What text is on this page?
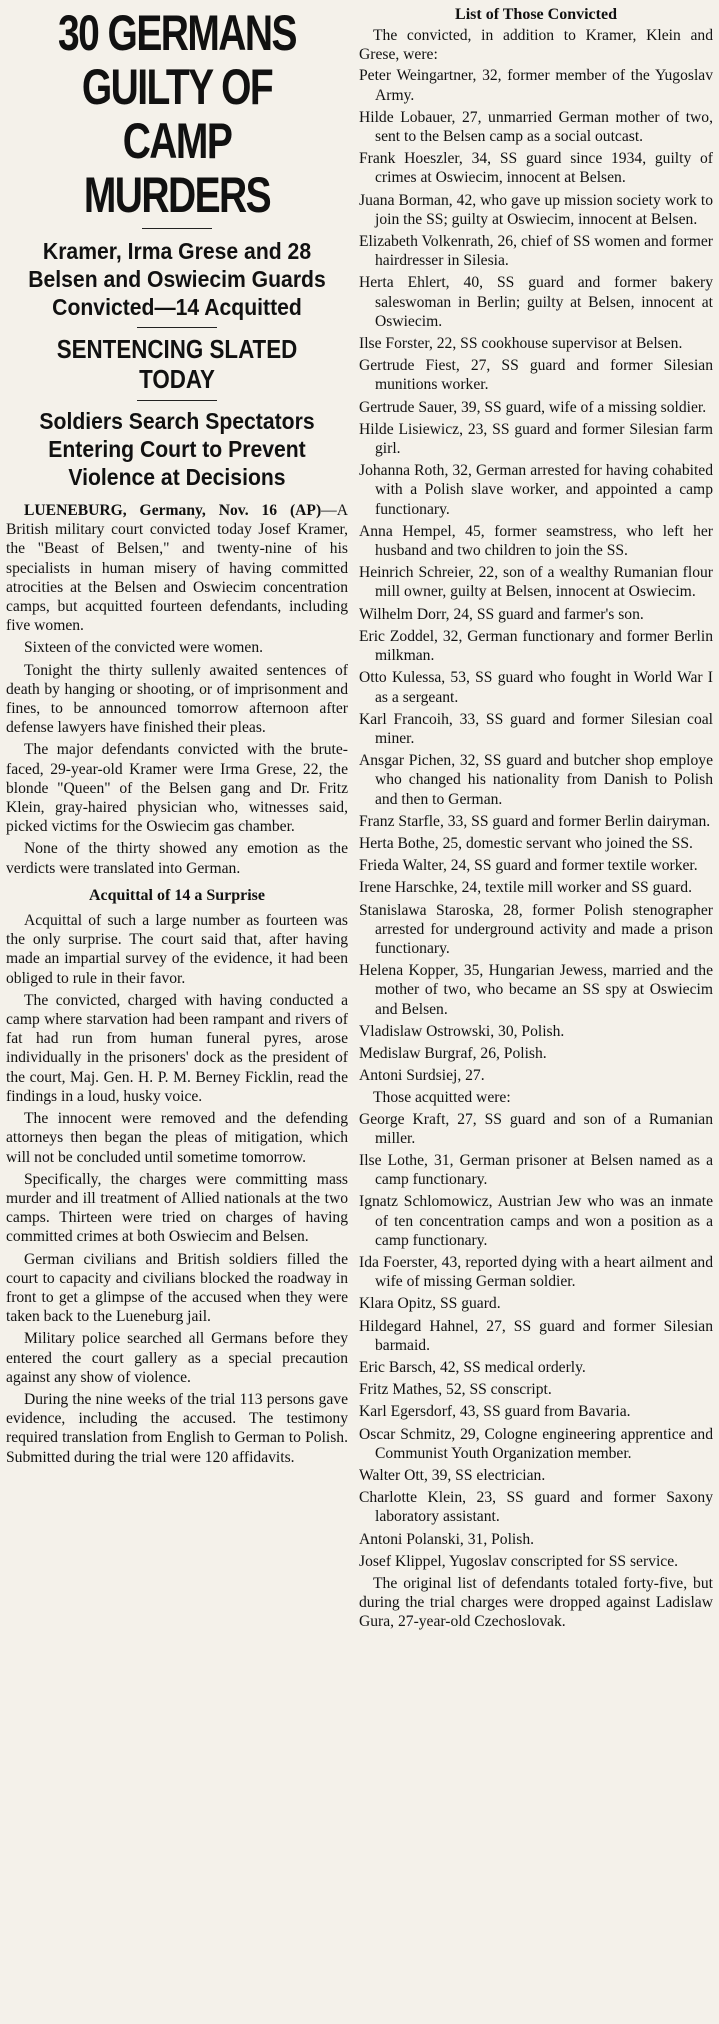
30 GERMANS GUILTY OF CAMP MURDERS
Kramer, Irma Grese and 28 Belsen and Oswiecim Guards Convicted—14 Acquitted
SENTENCING SLATED TODAY
Soldiers Search Spectators Entering Court to Prevent Violence at Decisions

LUENEBURG, Germany, Nov. 16 (AP)—A British military court convicted today Josef Kramer, the "Beast of Belsen," and twenty-nine of his specialists in human misery of having committed atrocities at the Belsen and Oswiecim concentration camps, but acquitted fourteen defendants, including five women.

Sixteen of the convicted were women.

Tonight the thirty sullenly awaited sentences of death by hanging or shooting, or of imprisonment and fines, to be announced tomorrow afternoon after defense lawyers have finished their pleas.

The major defendants convicted with the brute-faced, 29-year-old Kramer were Irma Grese, 22, the blonde "Queen" of the Belsen gang and Dr. Fritz Klein, gray-haired physician who, witnesses said, picked victims for the Oswiecim gas chamber.

None of the thirty showed any emotion as the verdicts were translated into German.

Acquittal of 14 a Surprise

Acquittal of such a large number as fourteen was the only surprise. The court said that, after having made an impartial survey of the evidence, it had been obliged to rule in their favor.

The convicted, charged with having conducted a camp where starvation had been rampant and rivers of fat had run from human funeral pyres, arose individually in the prisoners' dock as the president of the court, Maj. Gen. H. P. M. Berney Ficklin, read the findings in a loud, husky voice.

The innocent were removed and the defending attorneys then began the pleas of mitigation, which will not be concluded until sometime tomorrow.

Specifically, the charges were committing mass murder and ill treatment of Allied nationals at the two camps. Thirteen were tried on charges of having committed crimes at both Oswiecim and Belsen.

German civilians and British soldiers filled the court to capacity and civilians blocked the roadway in front to get a glimpse of the accused when they were taken back to the Lueneburg jail.

Military police searched all Germans before they entered the court gallery as a special precaution against any show of violence.

During the nine weeks of the trial 113 persons gave evidence, including the accused. The testimony required translation from English to German to Polish. Submitted during the trial were 120 affidavits.

List of Those Convicted
The convicted, in addition to Kramer, Klein and Grese, were:
Peter Weingartner, 32, former member of the Yugoslav Army.
Hilde Lobauer, 27, unmarried German mother of two, sent to the Belsen camp as a social outcast.
Frank Hoeszler, 34, SS guard since 1934, guilty of crimes at Oswiecim, innocent at Belsen.
Juana Borman, 42, who gave up mission society work to join the SS; guilty at Oswiecim, innocent at Belsen.
Elizabeth Volkenrath, 26, chief of SS women and former hairdresser in Silesia.
Herta Ehlert, 40, SS guard and former bakery saleswoman in Berlin; guilty at Belsen, innocent at Oswiecim.
Ilse Forster, 22, SS cookhouse supervisor at Belsen.
Gertrude Fiest, 27, SS guard and former Silesian munitions worker.
Gertrude Sauer, 39, SS guard, wife of a missing soldier.
Hilde Lisiewicz, 23, SS guard and former Silesian farm girl.
Johanna Roth, 32, German arrested for having cohabited with a Polish slave worker, and appointed a camp functionary.
Anna Hempel, 45, former seamstress, who left her husband and two children to join the SS.
Heinrich Schreier, 22, son of a wealthy Rumanian flour mill owner, guilty at Belsen, innocent at Oswiecim.
Wilhelm Dorr, 24, SS guard and farmer's son.
Eric Zoddel, 32, German functionary and former Berlin milkman.
Otto Kulessa, 53, SS guard who fought in World War I as a sergeant.
Karl Francoih, 33, SS guard and former Silesian coal miner.
Ansgar Pichen, 32, SS guard and butcher shop employe who changed his nationality from Danish to Polish and then to German.
Franz Starfle, 33, SS guard and former Berlin dairyman.
Herta Bothe, 25, domestic servant who joined the SS.
Frieda Walter, 24, SS guard and former textile worker.
Irene Harschke, 24, textile mill worker and SS guard.
Stanislawa Staroska, 28, former Polish stenographer arrested for underground activity and made a prison functionary.
Helena Kopper, 35, Hungarian Jewess, married and the mother of two, who became an SS spy at Oswiecim and Belsen.
Vladislaw Ostrowski, 30, Polish.
Medislaw Burgraf, 26, Polish.
Antoni Surdsiej, 27.
Those acquitted were:
George Kraft, 27, SS guard and son of a Rumanian miller.
Ilse Lothe, 31, German prisoner at Belsen named as a camp functionary.
Ignatz Schlomowicz, Austrian Jew who was an inmate of ten concentration camps and won a position as a camp functionary.
Ida Foerster, 43, reported dying with a heart ailment and wife of missing German soldier.
Klara Opitz, SS guard.
Hildegard Hahnel, 27, SS guard and former Silesian barmaid.
Eric Barsch, 42, SS medical orderly.
Fritz Mathes, 52, SS conscript.
Karl Egersdorf, 43, SS guard from Bavaria.
Oscar Schmitz, 29, Cologne engineering apprentice and Communist Youth Organization member.
Walter Ott, 39, SS electrician.
Charlotte Klein, 23, SS guard and former Saxony laboratory assistant.
Antoni Polanski, 31, Polish.
Josef Klippel, Yugoslav conscripted for SS service.
The original list of defendants totaled forty-five, but during the trial charges were dropped against Ladislaw Gura, 27-year-old Czechoslovak.
